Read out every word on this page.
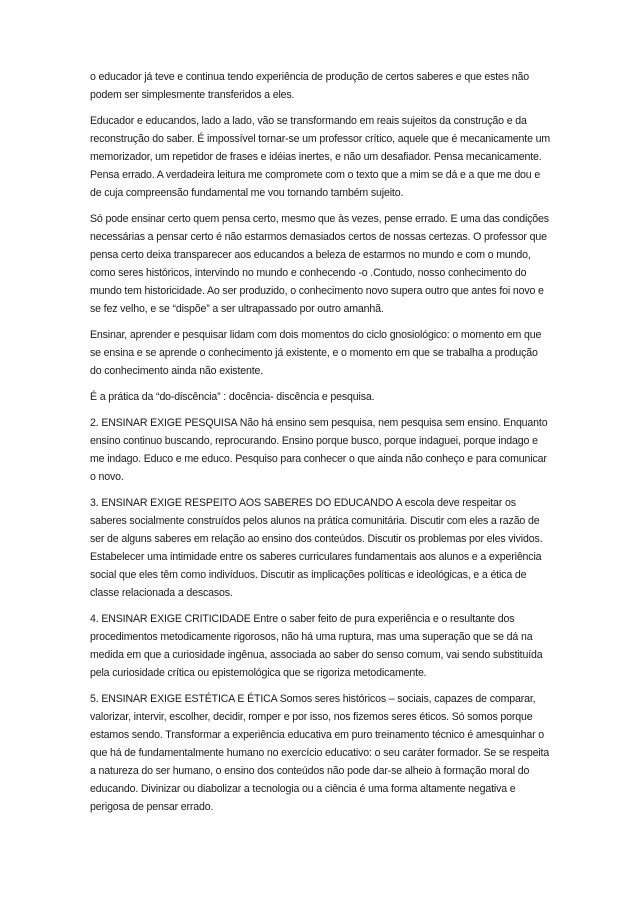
o educador já teve e continua tendo experiência de produção de certos saberes e que estes não podem ser simplesmente transferidos a eles.

Educador e educandos, lado a lado, vão se transformando em reais sujeitos da construção e da reconstrução do saber. É impossível tornar-se um professor crítico, aquele que é mecanicamente um memorizador, um repetidor de frases e idéias inertes, e não um desafiador. Pensa mecanicamente. Pensa errado. A verdadeira leitura me compromete com o texto que a mim se dá e a que me dou e de cuja compreensão fundamental me vou tornando também sujeito.

Só pode ensinar certo quem pensa certo, mesmo que às vezes, pense errado. E uma das condições necessárias a pensar certo é não estarmos demasiados certos de nossas certezas. O professor que pensa certo deixa transparecer aos educandos a beleza de estarmos no mundo e com o mundo, como seres históricos, intervindo no mundo e conhecendo -o .Contudo, nosso conhecimento do mundo tem historicidade. Ao ser produzido, o conhecimento novo supera outro que antes foi novo e se fez velho, e se “dispõe” a ser ultrapassado por outro amanhã.

Ensinar, aprender e pesquisar lidam com dois momentos do ciclo gnosiológico: o momento em que se ensina e se aprende o conhecimento já existente, e o momento em que se trabalha a produção do conhecimento ainda não existente.

É a prática da “do-discência” : docência- discência e pesquisa.

2. ENSINAR EXIGE PESQUISA Não há ensino sem pesquisa, nem pesquisa sem ensino. Enquanto ensino continuo buscando, reprocurando. Ensino porque busco, porque indaguei, porque indago e me indago. Educo e me educo. Pesquiso para conhecer o que ainda não conheço e para comunicar o novo.

3. ENSINAR EXIGE RESPEITO AOS SABERES DO EDUCANDO A escola deve respeitar os saberes socialmente construídos pelos alunos na prática comunitária. Discutir com eles a razão de ser de alguns saberes em relação ao ensino dos conteúdos. Discutir os problemas por eles vividos. Estabelecer uma intimidade entre os saberes curriculares fundamentais aos alunos e a experiência social que eles têm como indivíduos. Discutir as implicações políticas e ideológicas, e a ética de classe relacionada a descasos.

4. ENSINAR EXIGE CRITICIDADE Entre o saber feito de pura experiência e o resultante dos procedimentos metodicamente rigorosos, não há uma ruptura, mas uma superação que se dá na medida em que a curiosidade ingênua, associada ao saber do senso comum, vai sendo substituída pela curiosidade crítica ou epistemológica que se rigoriza metodicamente.

5. ENSINAR EXIGE ESTÉTICA E ÉTICA Somos seres históricos – sociais, capazes de comparar, valorizar, intervir, escolher, decidir, romper e por isso, nos fizemos seres éticos. Só somos porque estamos sendo. Transformar a experiência educativa em puro treinamento técnico é amesquinhar o que há de fundamentalmente humano no exercício educativo: o seu caráter formador. Se se respeita a natureza do ser humano, o ensino dos conteúdos não pode dar-se alheio à formação moral do educando. Divinizar ou diabolizar a tecnologia ou a ciência é uma forma altamente negativa e perigosa de pensar errado.
